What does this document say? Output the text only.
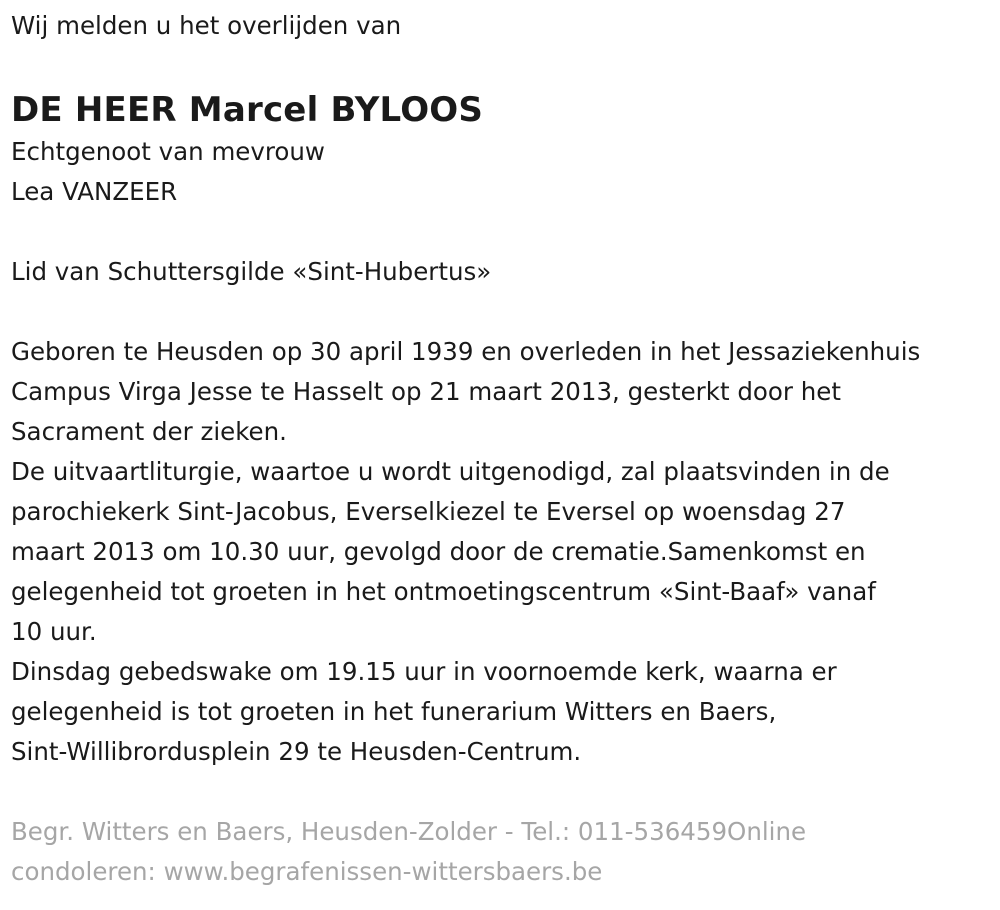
Wij melden u het overlijden van

DE HEER Marcel BYLOOS

Echtgenoot van mevrouw

Lea VANZEER

Lid van Schuttersgilde «Sint-Hubertus»

Geboren te Heusden op 30 april 1939 en overleden in het Jessaziekenhuis

Campus Virga Jesse te Hasselt op 21 maart 2013, gesterkt door het

Sacrament der zieken.

De uitvaartliturgie, waartoe u wordt uitgenodigd, zal plaatsvinden in de

parochiekerk Sint-Jacobus, Everselkiezel te Eversel op woensdag 27

maart 2013 om 10.30 uur, gevolgd door de crematie.Samenkomst en

gelegenheid tot groeten in het ontmoetingscentrum «Sint-Baaf» vanaf

10 uur.

Dinsdag gebedswake om 19.15 uur in voornoemde kerk, waarna er

gelegenheid is tot groeten in het funerarium Witters en Baers,

Sint-Willibrordusplein 29 te Heusden-Centrum.

Begr. Witters en Baers, Heusden-Zolder - Tel.: 011-536459Online

condoleren: www.begrafenissen-wittersbaers.be
